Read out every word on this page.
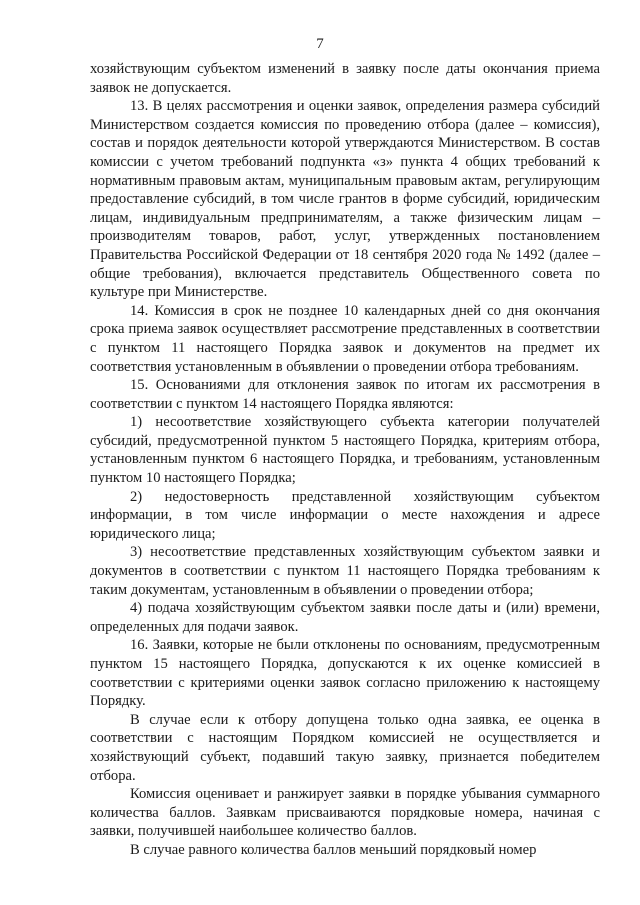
7

хозяйствующим субъектом изменений в заявку после даты окончания приема заявок не допускается.

13. В целях рассмотрения и оценки заявок, определения размера субсидий Министерством создается комиссия по проведению отбора (далее – комиссия), состав и порядок деятельности которой утверждаются Министерством. В состав комиссии с учетом требований подпункта «з» пункта 4 общих требований к нормативным правовым актам, муниципальным правовым актам, регулирующим предоставление субсидий, в том числе грантов в форме субсидий, юридическим лицам, индивидуальным предпринимателям, а также физическим лицам – производителям товаров, работ, услуг, утвержденных постановлением Правительства Российской Федерации от 18 сентября 2020 года № 1492 (далее – общие требования), включается представитель Общественного совета по культуре при Министерстве.

14. Комиссия в срок не позднее 10 календарных дней со дня окончания срока приема заявок осуществляет рассмотрение представленных в соответствии с пунктом 11 настоящего Порядка заявок и документов на предмет их соответствия установленным в объявлении о проведении отбора требованиям.

15. Основаниями для отклонения заявок по итогам их рассмотрения в соответствии с пунктом 14 настоящего Порядка являются:

1) несоответствие хозяйствующего субъекта категории получателей субсидий, предусмотренной пунктом 5 настоящего Порядка, критериям отбора, установленным пунктом 6 настоящего Порядка, и требованиям, установленным пунктом 10 настоящего Порядка;

2) недостоверность представленной хозяйствующим субъектом информации, в том числе информации о месте нахождения и адресе юридического лица;

3) несоответствие представленных хозяйствующим субъектом заявки и документов в соответствии с пунктом 11 настоящего Порядка требованиям к таким документам, установленным в объявлении о проведении отбора;

4) подача хозяйствующим субъектом заявки после даты и (или) времени, определенных для подачи заявок.

16. Заявки, которые не были отклонены по основаниям, предусмотренным пунктом 15 настоящего Порядка, допускаются к их оценке комиссией в соответствии с критериями оценки заявок согласно приложению к настоящему Порядку.

В случае если к отбору допущена только одна заявка, ее оценка в соответствии с настоящим Порядком комиссией не осуществляется и хозяйствующий субъект, подавший такую заявку, признается победителем отбора.

Комиссия оценивает и ранжирует заявки в порядке убывания суммарного количества баллов. Заявкам присваиваются порядковые номера, начиная с заявки, получившей наибольшее количество баллов.

В случае равного количества баллов меньший порядковый номер
